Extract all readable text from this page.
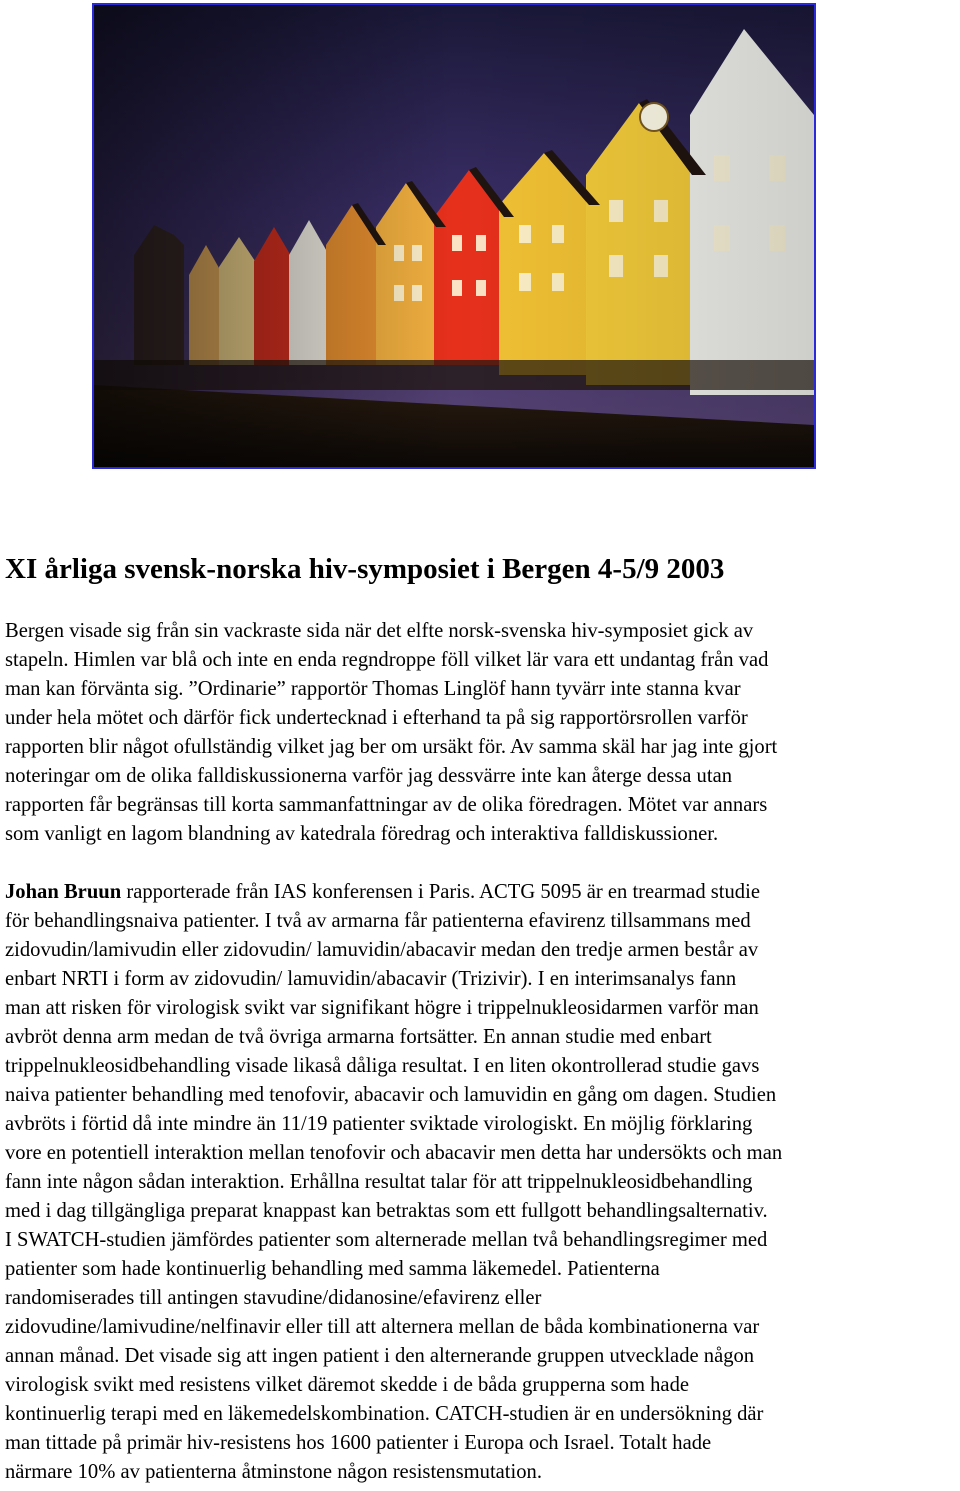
XI årliga svensk-norska hiv-symposiet i Bergen 4-5/9 2003

Bergen visade sig från sin vackraste sida när det elfte norsk-svenska hiv-symposiet gick av
stapeln. Himlen var blå och inte en enda regndroppe föll vilket lär vara ett undantag från vad
man kan förvänta sig. ”Ordinarie” rapportör Thomas Linglöf hann tyvärr inte stanna kvar
under hela mötet och därför fick undertecknad i efterhand ta på sig rapportörsrollen varför
rapporten blir något ofullständig vilket jag ber om ursäkt för. Av samma skäl har jag inte gjort
noteringar om de olika falldiskussionerna varför jag dessvärre inte kan återge dessa utan
rapporten får begränsas till korta sammanfattningar av de olika föredragen. Mötet var annars
som vanligt en lagom blandning av katedrala föredrag och interaktiva falldiskussioner.

Johan Bruun rapporterade från IAS konferensen i Paris. ACTG 5095 är en trearmad studie
för behandlingsnaiva patienter. I två av armarna får patienterna efavirenz tillsammans med
zidovudin/lamivudin eller zidovudin/ lamuvidin/abacavir medan den tredje armen består av
enbart NRTI i form av zidovudin/ lamuvidin/abacavir (Trizivir). I en interimsanalys fann
man att risken för virologisk svikt var signifikant högre i trippelnukleosidarmen varför man
avbröt denna arm medan de två övriga armarna fortsätter. En annan studie med enbart
trippelnukleosidbehandling visade likaså dåliga resultat. I en liten okontrollerad studie gavs
naiva patienter behandling med tenofovir, abacavir och lamuvidin en gång om dagen. Studien
avbröts i förtid då inte mindre än 11/19 patienter sviktade virologiskt. En möjlig förklaring
vore en potentiell interaktion mellan tenofovir och abacavir men detta har undersökts och man
fann inte någon sådan interaktion. Erhållna resultat talar för att trippelnukleosidbehandling
med i dag tillgängliga preparat knappast kan betraktas som ett fullgott behandlingsalternativ.
I SWATCH-studien jämfördes patienter som alternerade mellan två behandlingsregimer med
patienter som hade kontinuerlig behandling med samma läkemedel. Patienterna
randomiserades till antingen stavudine/didanosine/efavirenz eller
zidovudine/lamivudine/nelfinavir eller till att alternera mellan de båda kombinationerna var
annan månad. Det visade sig att ingen patient i den alternerande gruppen utvecklade någon
virologisk svikt med resistens vilket däremot skedde i de båda grupperna som hade
kontinuerlig terapi med en läkemedelskombination. CATCH-studien är en undersökning där
man tittade på primär hiv-resistens hos 1600 patienter i Europa och Israel. Totalt hade
närmare 10% av patienterna åtminstone någon resistensmutation.
